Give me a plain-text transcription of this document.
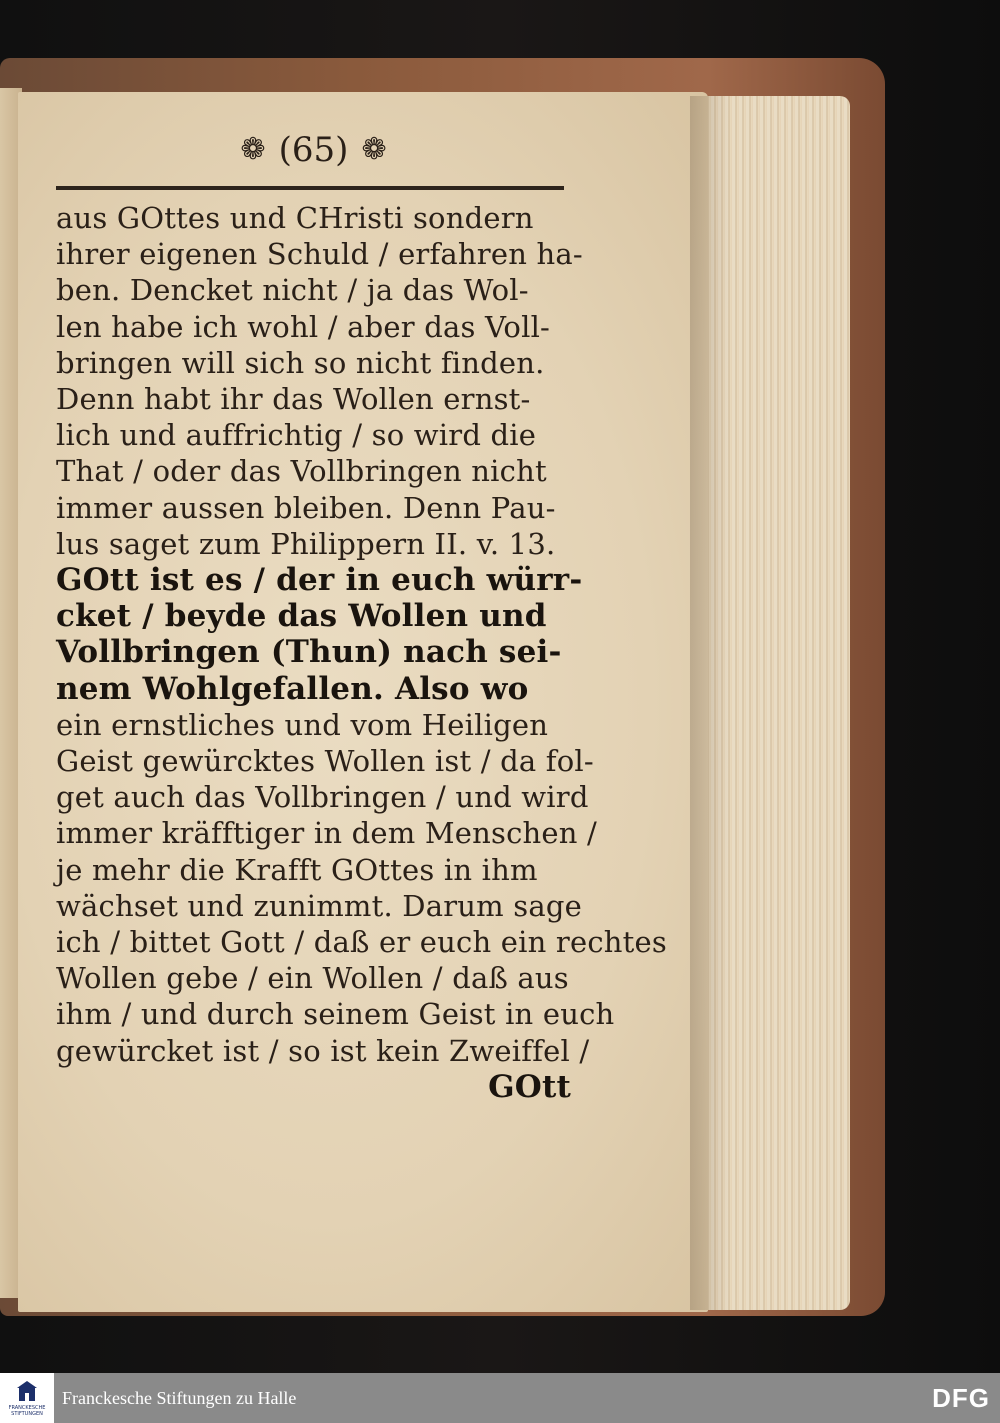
❁ (65) ❁
aus GOttes und CHristi sondern
ihrer eigenen Schuld / erfahren ha-
ben. Dencket nicht / ja das Wol-
len habe ich wohl / aber das Voll-
bringen will sich so nicht finden.
Denn habt ihr das Wollen ernst-
lich und auffrichtig / so wird die
That / oder das Vollbringen nicht
immer aussen bleiben. Denn Pau-
lus saget zum Philippern II. v. 13.
GOtt ist es / der in euch würr-
cket / beyde das Wollen und
Vollbringen (Thun) nach sei-
nem Wohlgefallen. Also wo
ein ernstliches und vom Heiligen
Geist gewürcktes Wollen ist / da fol-
get auch das Vollbringen / und wird
immer kräfftiger in dem Menschen /
je mehr die Krafft GOttes in ihm
wächset und zunimmt. Darum sage
ich / bittet Gott / daß er euch ein rechtes
Wollen gebe / ein Wollen / daß aus
ihm / und durch seinem Geist in euch
gewürcket ist / so ist kein Zweiffel /
GOtt
FRANCKESCHE STIFTUNGEN
Franckesche Stiftungen zu Halle	DFG
